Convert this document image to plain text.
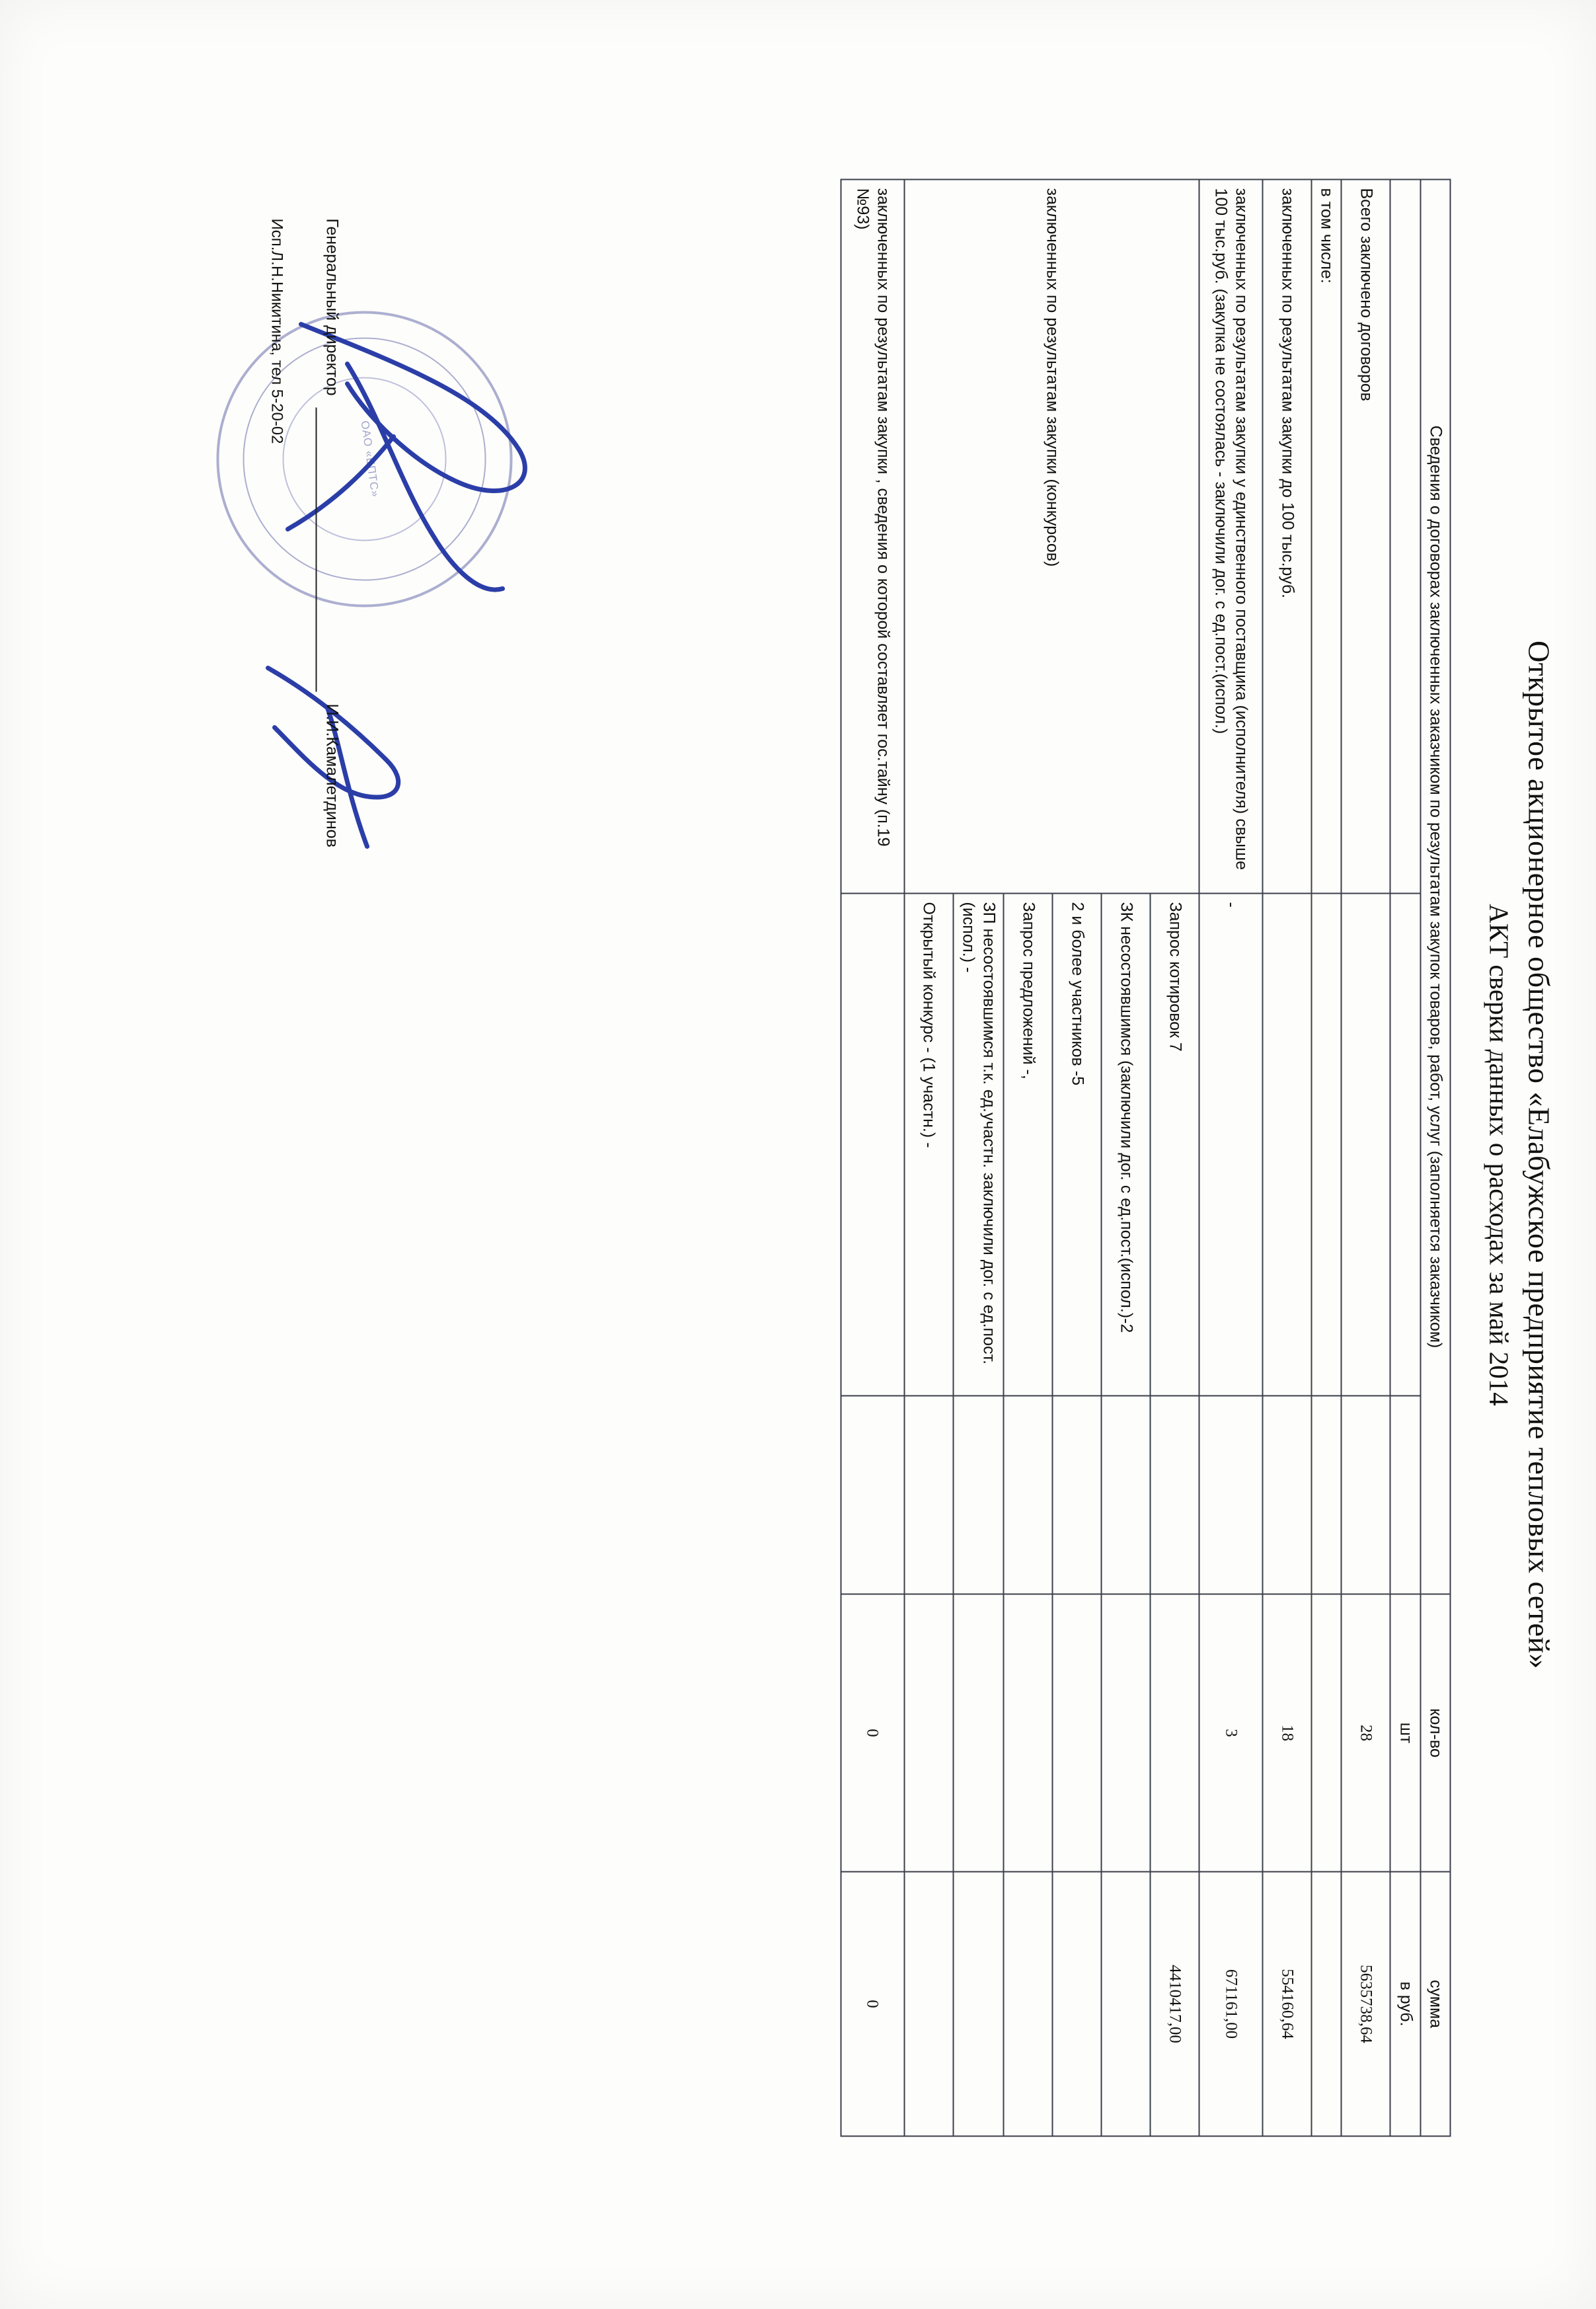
Открытое акционерное общество «Елабужское предприятие тепловых сетей»
АКТ сверки данных о расходах за май 2014
Сведения о договорах заключенных заказчиком по результатам закупок товаров, работ, услуг (заполняется заказчиком)			кол-во	сумма
			шт	в руб.
Всего заключено договоров			28	5635738,64
в том числе:				
заключенных по результатам закупки до 100 тыс.руб.			18	554160,64
заключенных по результатам закупки у единственного поставщика (исполнителя) свыше 100 тыс.руб. (закупка не состоялась - заключили дог. с ед.пост.(испол.)	-		3	671161,00
заключенных по результатам закупки (конкурсов)	Запрос котировок 7			4410417,00
	ЗК несостоявшимся (заключили дог. с ед.пост.(испол.)-2			
	2 и более участников -5			
	Запрос предложений -,			
	ЗП несостоявшимся т.к. ед.участн. заключили дог. с ед.пост.(испол.) -			
	Открытый конкурс - (1 участн.) -			
заключенных по результатам закупки , сведения о которой составляет гос.тайну (п.19 №93)			0	0
ОАО «ЕПТС»
Генеральный директор
И.И.Камалетдинов
Исп.Л.Н.Никитина, тел 5-20-02
